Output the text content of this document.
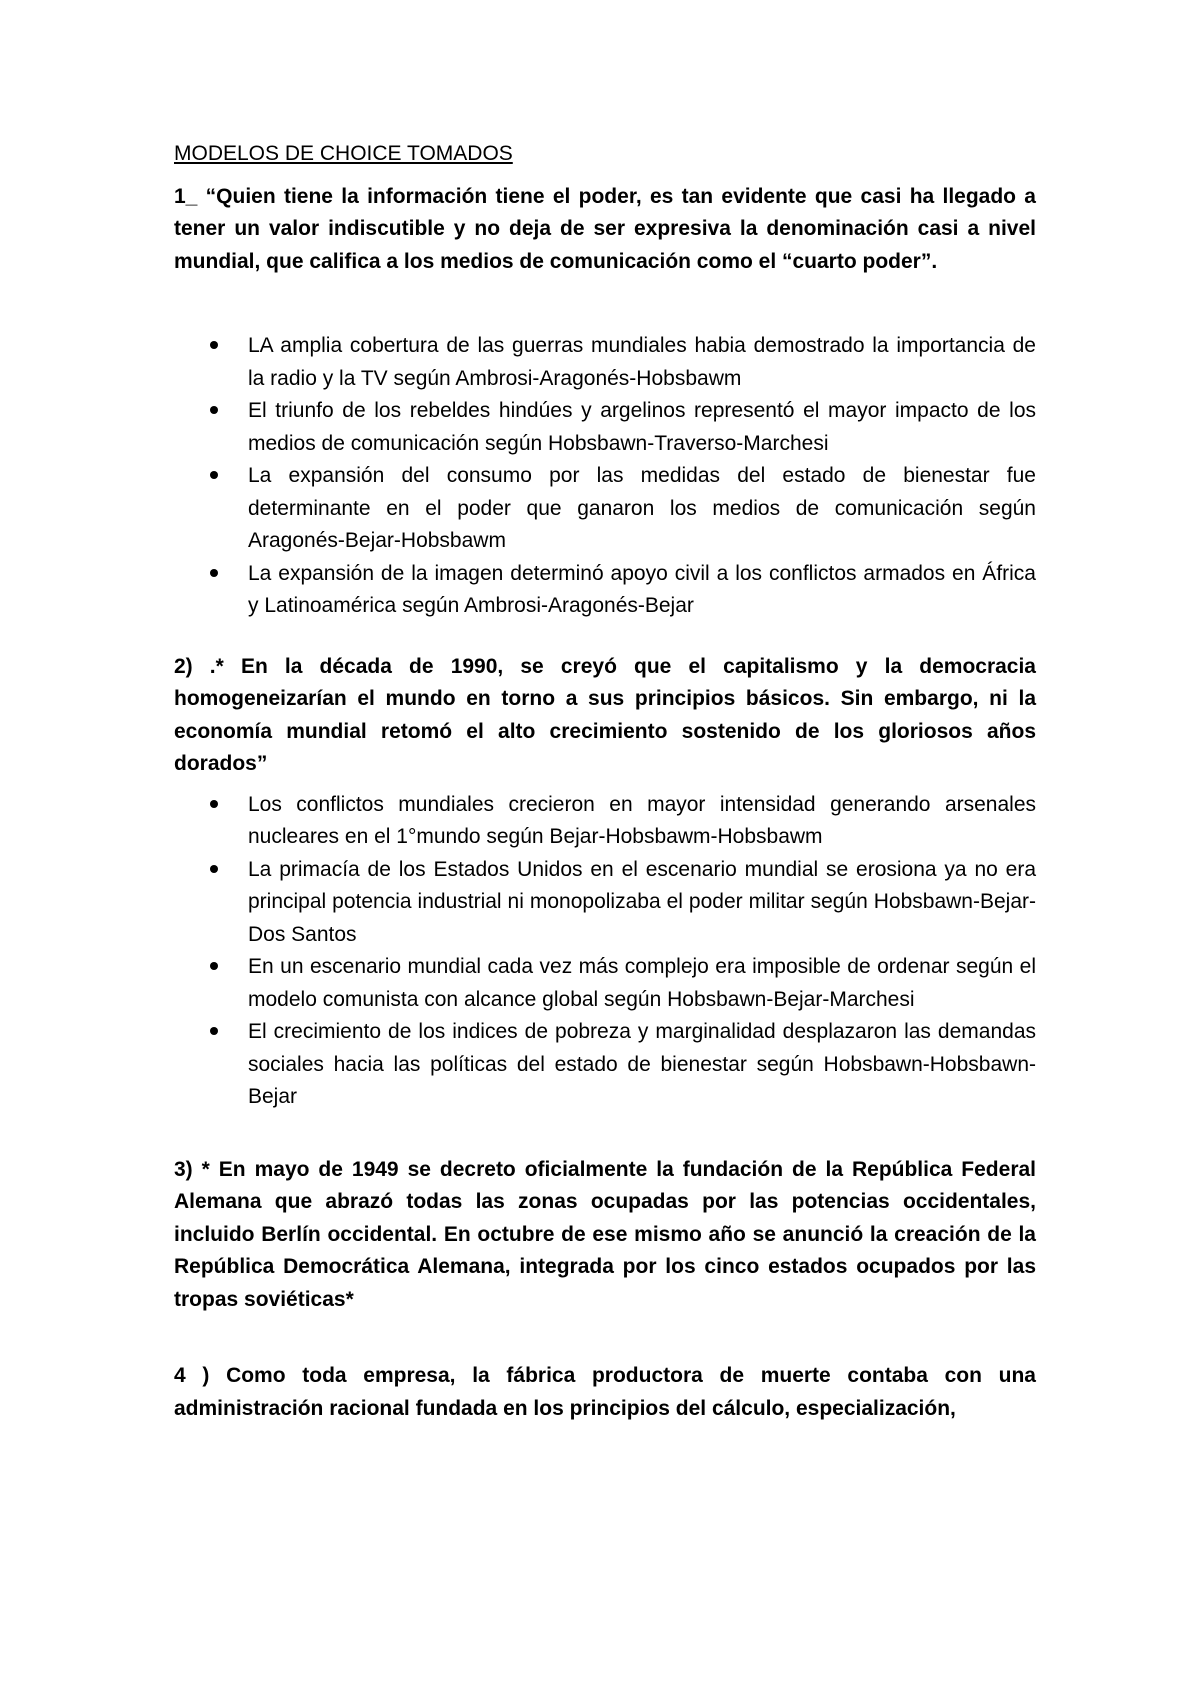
MODELOS DE CHOICE TOMADOS

1_ “Quien tiene la información tiene el poder, es tan evidente que casi ha llegado a tener un valor indiscutible y no deja de ser expresiva la denominación casi a nivel mundial, que califica a los medios de comunicación como el “cuarto poder”.

LA amplia cobertura de las guerras mundiales habia demostrado la importancia de la radio y la TV según Ambrosi-Aragonés-Hobsbawm
El triunfo de los rebeldes hindúes y argelinos representó el mayor impacto de los medios de comunicación según Hobsbawn-Traverso-Marchesi
La expansión del consumo por las medidas del estado de bienestar fue determinante en el poder que ganaron los medios de comunicación según Aragonés-Bejar-Hobsbawm
La expansión de la imagen determinó apoyo civil a los conflictos armados en África y Latinoamérica según Ambrosi-Aragonés-Bejar

2) .* En la década de 1990, se creyó que el capitalismo y la democracia homogeneizarían el mundo en torno a sus principios básicos. Sin embargo, ni la economía mundial retomó el alto crecimiento sostenido de los gloriosos años dorados”

Los conflictos mundiales crecieron en mayor intensidad generando arsenales nucleares en el 1°mundo según Bejar-Hobsbawm-Hobsbawm
La primacía de los Estados Unidos en el escenario mundial se erosiona ya no era principal potencia industrial ni monopolizaba el poder militar según Hobsbawn-Bejar-Dos Santos
En un escenario mundial cada vez más complejo era imposible de ordenar según el modelo comunista con alcance global según Hobsbawn-Bejar-Marchesi
El crecimiento de los indices de pobreza y marginalidad desplazaron las demandas sociales hacia las políticas del estado de bienestar según Hobsbawn-Hobsbawn-Bejar

3) * En mayo de 1949 se decreto oficialmente la fundación de la República Federal Alemana que abrazó todas las zonas ocupadas por las potencias occidentales, incluido Berlín occidental. En octubre de ese mismo año se anunció la creación de la República Democrática Alemana, integrada por los cinco estados ocupados por las tropas soviéticas*

4 ) Como toda empresa, la fábrica productora de muerte contaba con una administración racional fundada en los principios del cálculo, especialización,
